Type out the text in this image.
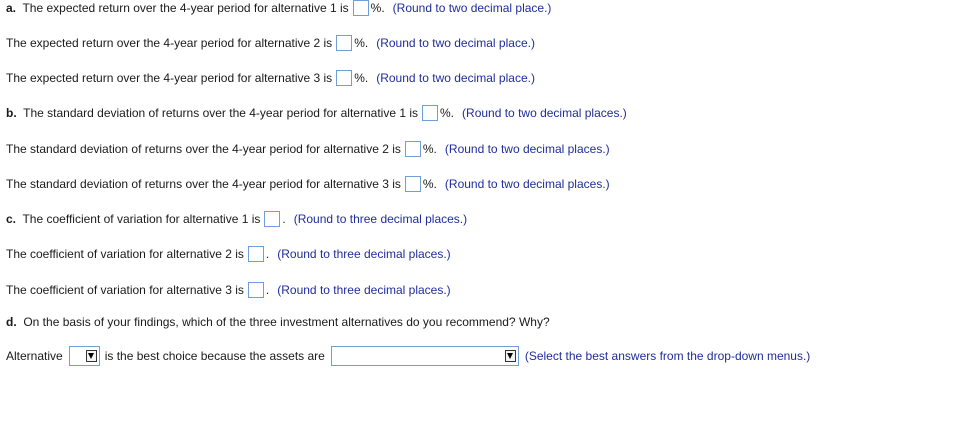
a. The expected return over the 4-year period for alternative 1 is %. (Round to two decimal place.)
The expected return over the 4-year period for alternative 2 is %. (Round to two decimal place.)
The expected return over the 4-year period for alternative 3 is %. (Round to two decimal place.)
b. The standard deviation of returns over the 4-year period for alternative 1 is %. (Round to two decimal places.)
The standard deviation of returns over the 4-year period for alternative 2 is %. (Round to two decimal places.)
The standard deviation of returns over the 4-year period for alternative 3 is %. (Round to two decimal places.)
c. The coefficient of variation for alternative 1 is . (Round to three decimal places.)
The coefficient of variation for alternative 2 is . (Round to three decimal places.)
The coefficient of variation for alternative 3 is . (Round to three decimal places.)
d. On the basis of your findings, which of the three investment alternatives do you recommend? Why?
Alternative	is the best choice because the assets are	(Select the best answers from the drop-down menus.)
